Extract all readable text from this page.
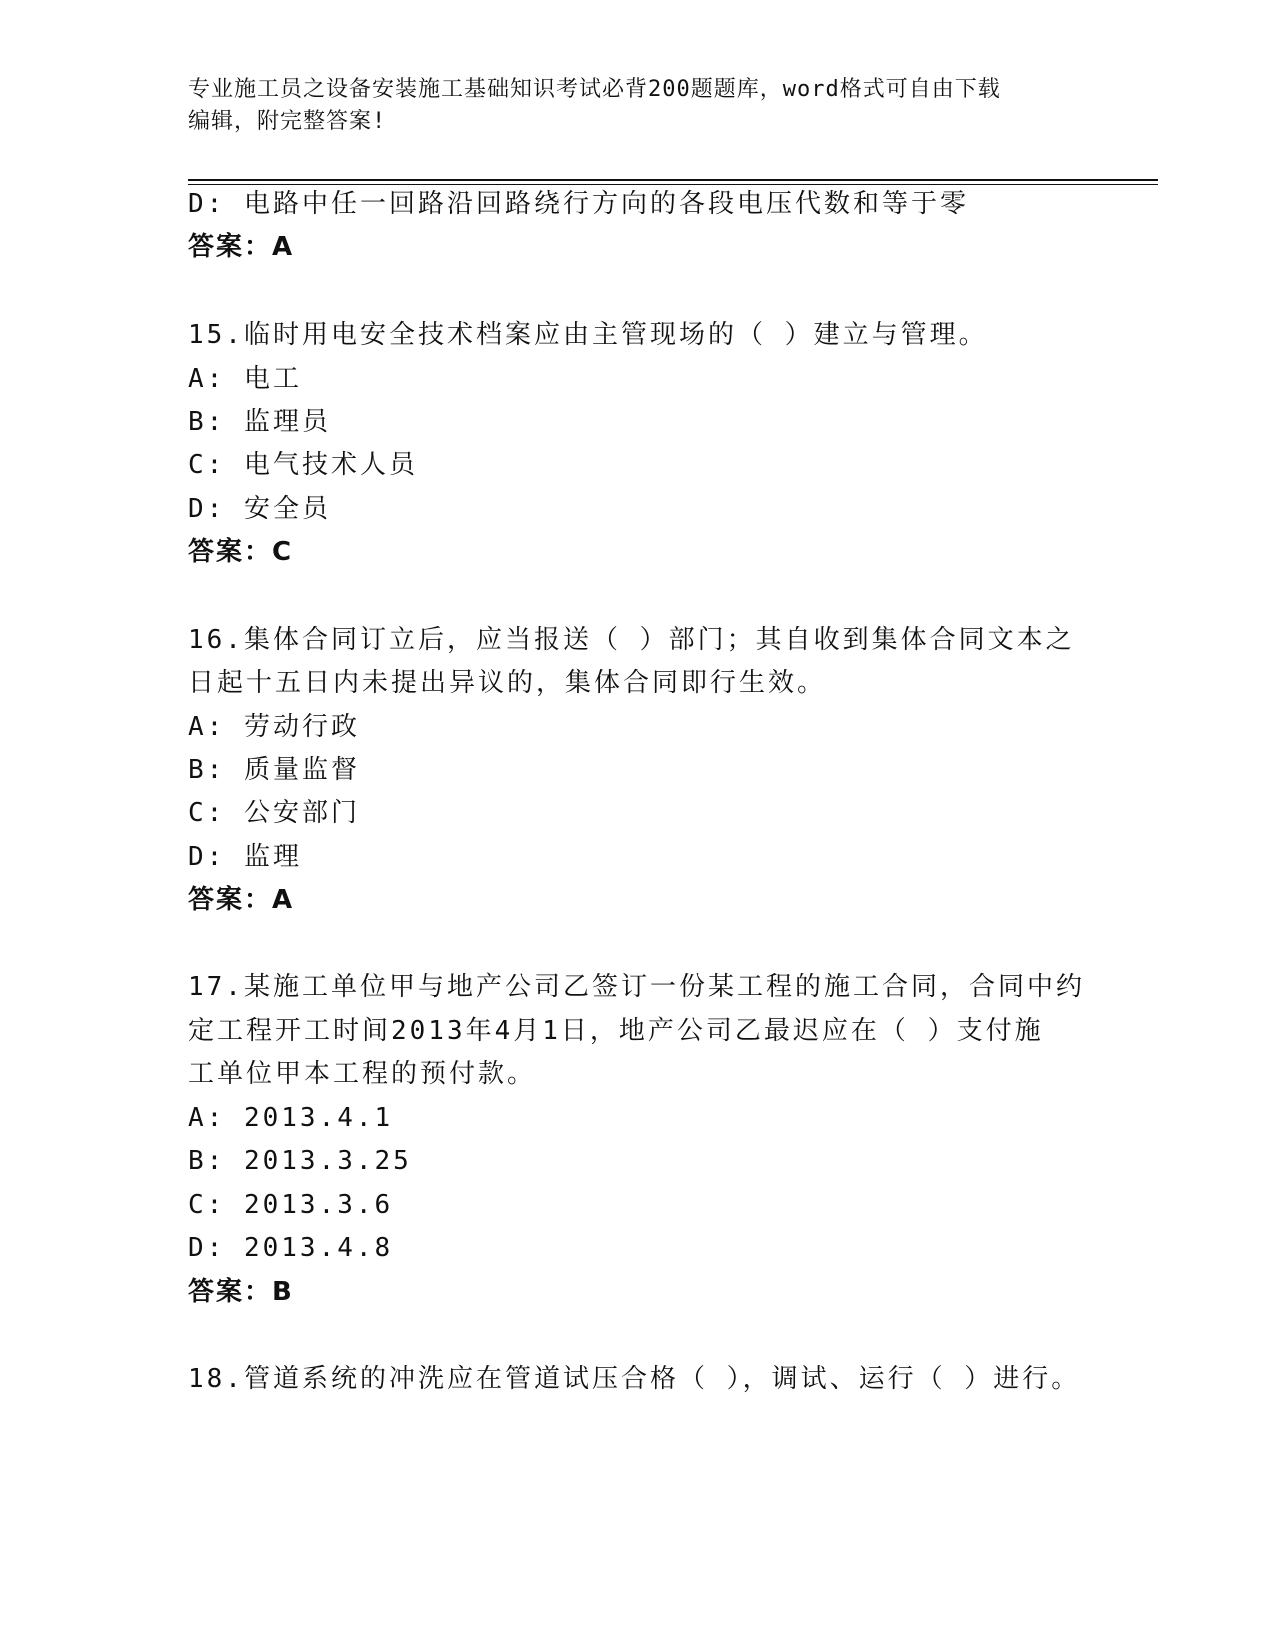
专业施工员之设备安装施工基础知识考试必背200题题库，word格式可自由下载
编辑，附完整答案!
D: 电路中任一回路沿回路绕行方向的各段电压代数和等于零
答案：A
15.临时用电安全技术档案应由主管现场的（ ）建立与管理。
A: 电工
B: 监理员
C: 电气技术人员
D: 安全员
答案：C
16.集体合同订立后，应当报送（ ）部门；其自收到集体合同文本之
日起十五日内未提出异议的，集体合同即行生效。
A: 劳动行政
B: 质量监督
C: 公安部门
D: 监理
答案：A
17.某施工单位甲与地产公司乙签订一份某工程的施工合同，合同中约
定工程开工时间2013年4月1日，地产公司乙最迟应在（ ）支付施
工单位甲本工程的预付款。
A: 2013.4.1
B: 2013.3.25
C: 2013.3.6
D: 2013.4.8
答案：B
18.管道系统的冲洗应在管道试压合格（ ），调试、运行（ ）进行。
